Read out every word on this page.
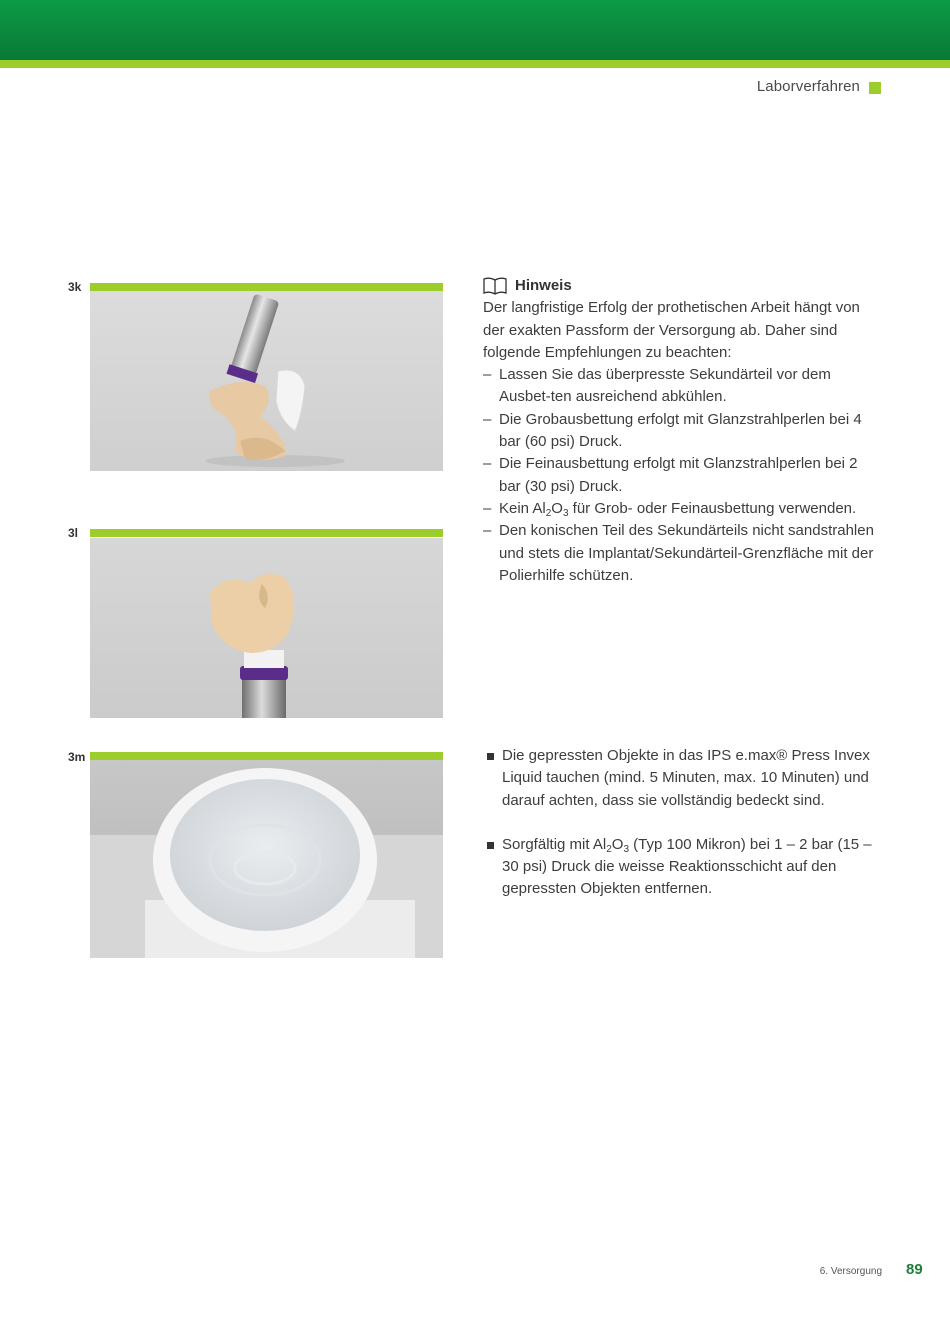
Laborverfahren
3k
3l
3m
Hinweis

Der langfristige Erfolg der prothetischen Arbeit hängt von der exakten Passform der Versorgung ab. Daher sind folgende Empfehlungen zu beachten:

– Lassen Sie das überpresste Sekundärteil vor dem Ausbet-ten ausreichend abkühlen.
– Die Grobausbettung erfolgt mit Glanzstrahlperlen bei 4 bar (60 psi) Druck.
– Die Feinausbettung erfolgt mit Glanzstrahlperlen bei 2 bar (30 psi) Druck.
– Kein $Al_2O_3$ für Grob- oder Feinausbettung verwenden.
– Den konischen Teil des Sekundärteils nicht sandstrahlen und stets die Implantat/Sekundärteil-Grenzfläche mit der Polierhilfe schützen.

Die gepressten Objekte in das IPS e.max® Press Invex Liquid tauchen (mind. 5 Minuten, max. 10 Minuten) und darauf achten, dass sie vollständig bedeckt sind.

Sorgfältig mit $Al_2O_3$ (Typ 100 Mikron) bei 1 – 2 bar (15 – 30 psi) Druck die weisse Reaktionsschicht auf den gepressten Objekten entfernen.

6. Versorgung 89
